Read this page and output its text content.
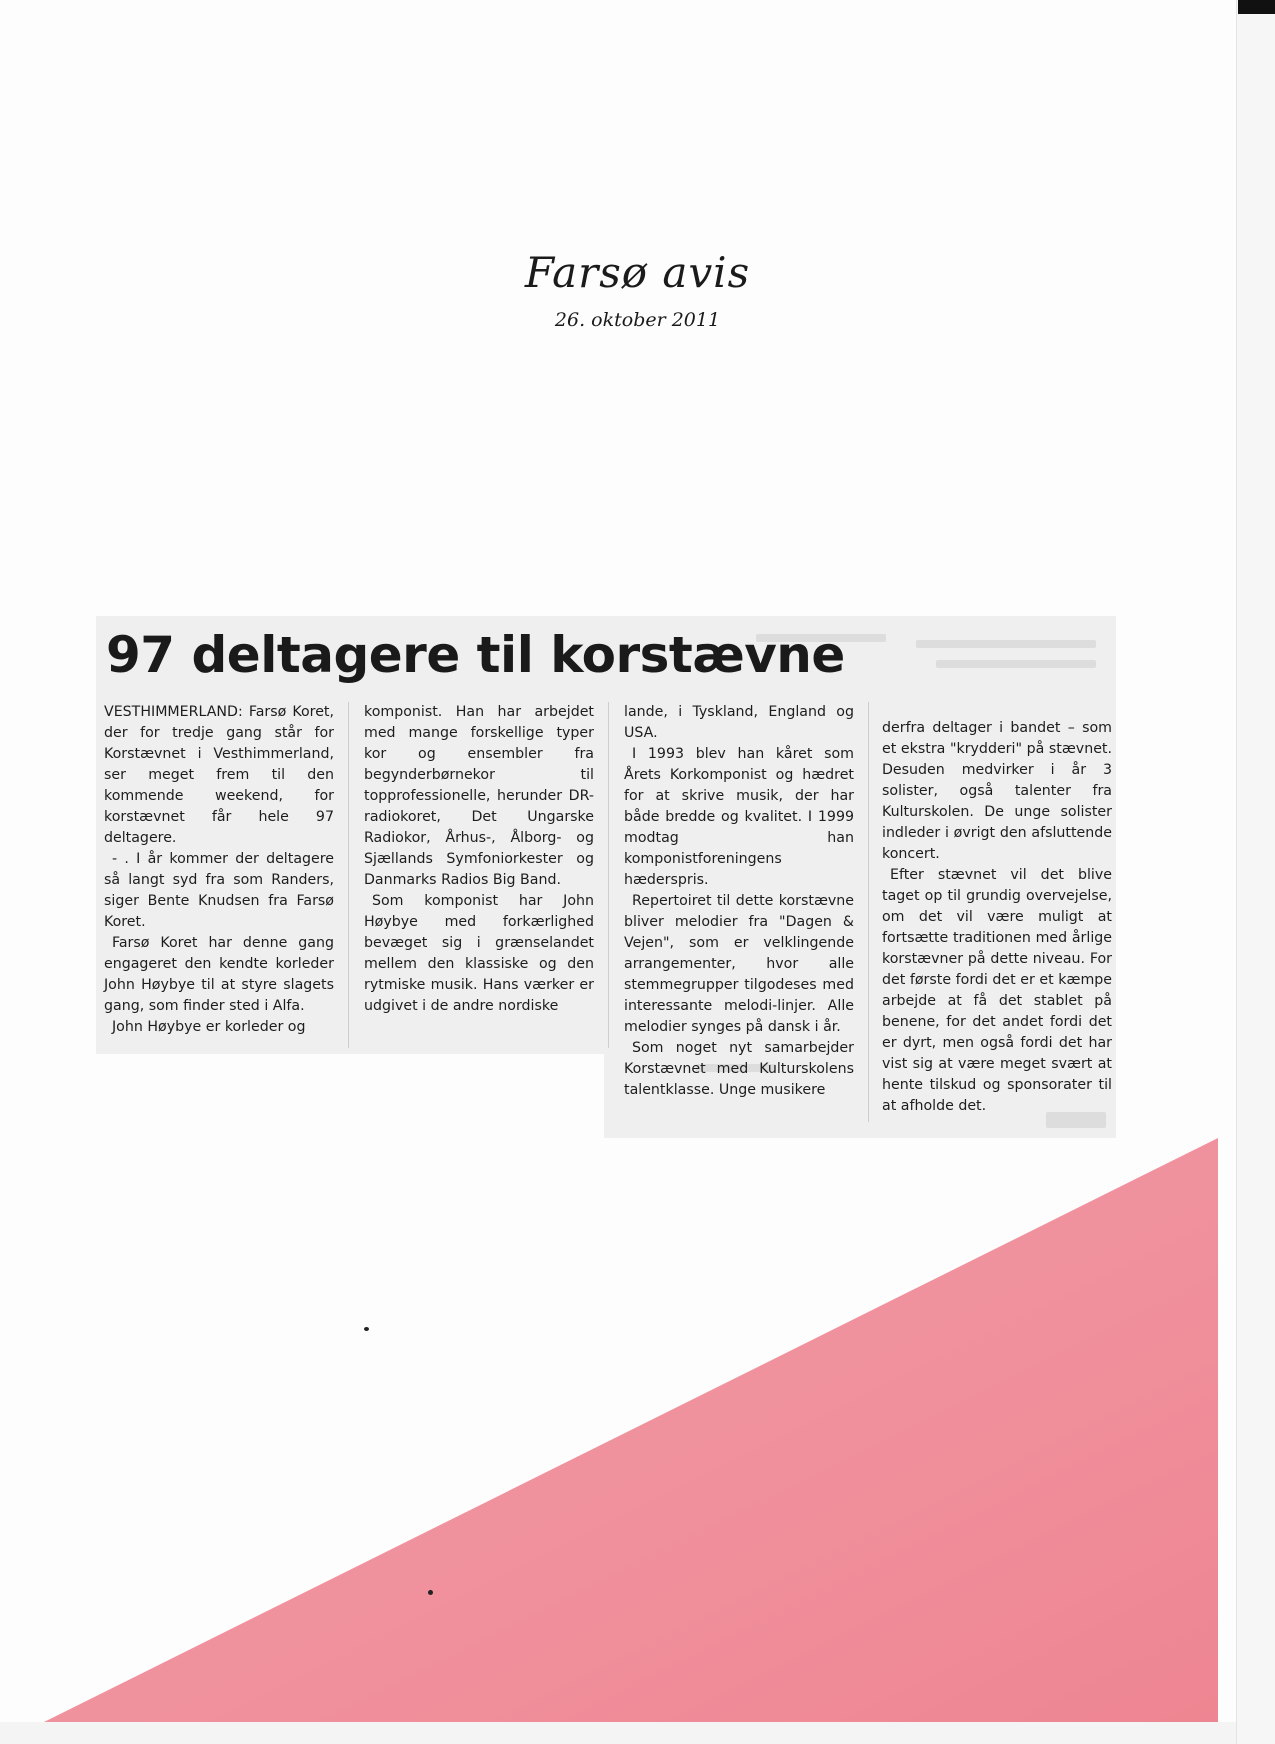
Farsø avis
26. oktober 2011
97 deltagere til korstævne

VESTHIMMERLAND: Farsø Koret, der for tredje gang står for Korstævnet i Vesthimmerland, ser meget frem til den kommende weekend, for korstævnet får hele 97 deltagere.

- . I år kommer der deltagere så langt syd fra som Randers, siger Bente Knudsen fra Farsø Koret.

Farsø Koret har denne gang engageret den kendte korleder John Høybye til at styre slagets gang, som finder sted i Alfa.

John Høybye er korleder og

komponist. Han har arbejdet med mange forskellige typer kor og ensembler fra begynderbørnekor til topprofessionelle, herunder DR-radiokoret, Det Ungarske Radiokor, Århus-, Ålborg- og Sjællands Symfoniorkester og Danmarks Radios Big Band.

Som komponist har John Høybye med forkærlighed bevæget sig i grænselandet mellem den klassiske og den rytmiske musik. Hans værker er udgivet i de andre nordiske

lande, i Tyskland, England og USA.

I 1993 blev han kåret som Årets Korkomponist og hædret for at skrive musik, der har både bredde og kvalitet. I 1999 modtag han komponistforeningens hæderspris.

Repertoiret til dette korstævne bliver melodier fra "Dagen & Vejen", som er velklingende arrangementer, hvor alle stemmegrupper tilgodeses med interessante melodi-linjer. Alle melodier synges på dansk i år.

Som noget nyt samarbejder Korstævnet med Kulturskolens talentklasse. Unge musikere

derfra deltager i bandet – som et ekstra "krydderi" på stævnet. Desuden medvirker i år 3 solister, også talenter fra Kulturskolen. De unge solister indleder i øvrigt den afsluttende koncert.

Efter stævnet vil det blive taget op til grundig overvejelse, om det vil være muligt at fortsætte traditionen med årlige korstævner på dette niveau. For det første fordi det er et kæmpe arbejde at få det stablet på benene, for det andet fordi det er dyrt, men også fordi det har vist sig at være meget svært at hente tilskud og sponsorater til at afholde det.
